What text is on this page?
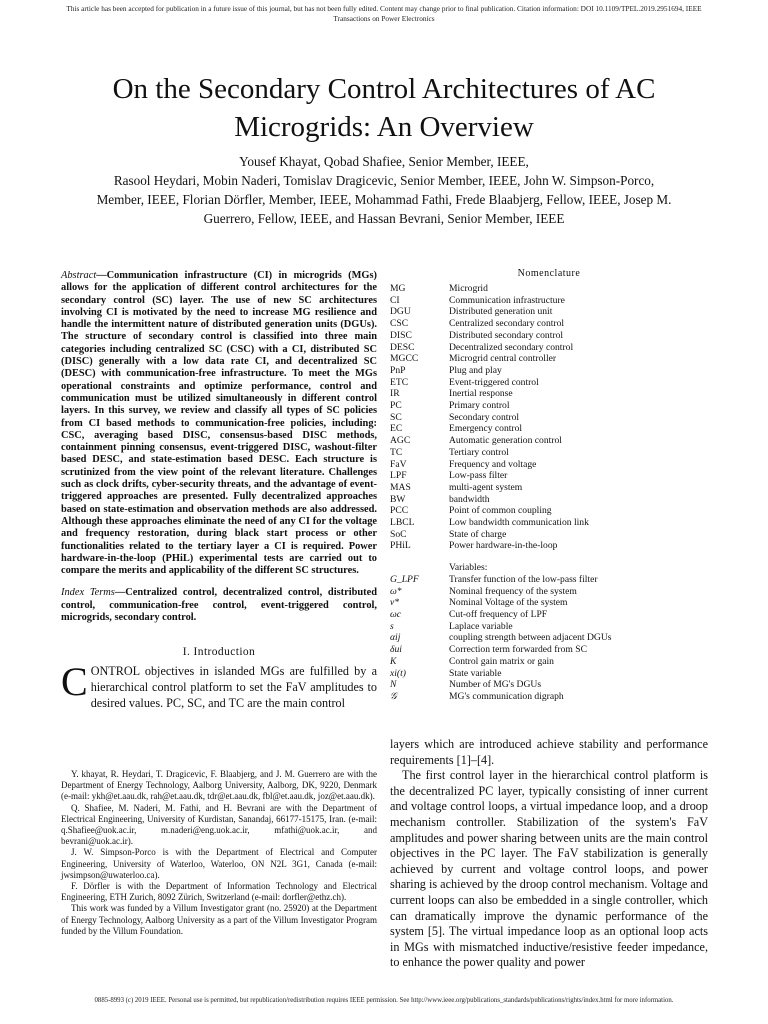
This article has been accepted for publication in a future issue of this journal, but has not been fully edited. Content may change prior to final publication. Citation information: DOI 10.1109/TPEL.2019.2951694, IEEE
Transactions on Power Electronics
On the Secondary Control Architectures of AC
Microgrids: An Overview

Yousef Khayat, Qobad Shafiee, Senior Member, IEEE,

Rasool Heydari, Mobin Naderi, Tomislav Dragicevic, Senior Member, IEEE, John W. Simpson-Porco,

Member, IEEE, Florian Dörfler, Member, IEEE, Mohammad Fathi, Frede Blaabjerg, Fellow, IEEE, Josep M.

Guerrero, Fellow, IEEE, and Hassan Bevrani, Senior Member, IEEE

Abstract—Communication infrastructure (CI) in microgrids (MGs) allows for the application of different control architectures for the secondary control (SC) layer. The use of new SC architectures involving CI is motivated by the need to increase MG resilience and handle the intermittent nature of distributed generation units (DGUs). The structure of secondary control is classified into three main categories including centralized SC (CSC) with a CI, distributed SC (DISC) generally with a low data rate CI, and decentralized SC (DESC) with communication-free infrastructure. To meet the MGs operational constraints and optimize performance, control and communication must be utilized simultaneously in different control layers. In this survey, we review and classify all types of SC policies from CI based methods to communication-free policies, including: CSC, averaging based DISC, consensus-based DISC methods, containment pinning consensus, event-triggered DISC, washout-filter based DESC, and state-estimation based DESC. Each structure is scrutinized from the view point of the relevant literature. Challenges such as clock drifts, cyber-security threats, and the advantage of event-triggered approaches are presented. Fully decentralized approaches based on state-estimation and observation methods are also addressed. Although these approaches eliminate the need of any CI for the voltage and frequency restoration, during black start process or other functionalities related to the tertiary layer a CI is required. Power hardware-in-the-loop (PHiL) experimental tests are carried out to compare the merits and applicability of the different SC structures.

Index Terms—Centralized control, decentralized control, distributed control, communication-free control, event-triggered control, microgrids, secondary control.

I. Introduction

CONTROL objectives in islanded MGs are fulfilled by a hierarchical control platform to set the FaV amplitudes to desired values. PC, SC, and TC are the main control

Y. khayat, R. Heydari, T. Dragicevic, F. Blaabjerg, and J. M. Guerrero are with the Department of Energy Technology, Aalborg University, Aalborg, DK, 9220, Denmark (e-mail: ykh@et.aau.dk, rah@et.aau.dk, tdr@et.aau.dk, fbl@et.aau.dk, joz@et.aau.dk).

Q. Shafiee, M. Naderi, M. Fathi, and H. Bevrani are with the Department of Electrical Engineering, University of Kurdistan, Sanandaj, 66177-15175, Iran. (e-mail: q.Shafiee@uok.ac.ir, m.naderi@eng.uok.ac.ir, mfathi@uok.ac.ir, and bevrani@uok.ac.ir).

J. W. Simpson-Porco is with the Department of Electrical and Computer Engineering, University of Waterloo, Waterloo, ON N2L 3G1, Canada (e-mail: jwsimpson@uwaterloo.ca).

F. Dörfler is with the Department of Information Technology and Electrical Engineering, ETH Zurich, 8092 Zürich, Switzerland (e-mail: dorfler@ethz.ch).

This work was funded by a Villum Investigator grant (no. 25920) at the Department of Energy Technology, Aalborg University as a part of the Villum Investigator Program funded by the Villum Foundation.

Nomenclature
MG	Microgrid
CI	Communication infrastructure
DGU	Distributed generation unit
CSC	Centralized secondary control
DISC	Distributed secondary control
DESC	Decentralized secondary control
MGCC	Microgrid central controller
PnP	Plug and play
ETC	Event-triggered control
IR	Inertial response
PC	Primary control
SC	Secondary control
EC	Emergency control
AGC	Automatic generation control
TC	Tertiary control
FaV	Frequency and voltage
LPF	Low-pass filter
MAS	multi-agent system
BW	bandwidth
PCC	Point of common coupling
LBCL	Low bandwidth communication link
SoC	State of charge
PHiL	Power hardware-in-the-loop
Variables:
G_LPF	Transfer function of the low-pass filter
ω*	Nominal frequency of the system
v*	Nominal Voltage of the system
ωc	Cut-off frequency of LPF
s	Laplace variable
αij	coupling strength between adjacent DGUs
δui	Correction term forwarded from SC
K	Control gain matrix or gain
xi(t)	State variable
N	Number of MG's DGUs
𝒢	MG's communication digraph

layers which are introduced achieve stability and performance requirements [1]–[4].

The first control layer in the hierarchical control platform is the decentralized PC layer, typically consisting of inner current and voltage control loops, a virtual impedance loop, and a droop mechanism controller. Stabilization of the system's FaV amplitudes and power sharing between units are the main control objectives in the PC layer. The FaV stabilization is generally achieved by current and voltage control loops, and power sharing is achieved by the droop control mechanism. Voltage and current loops can also be embedded in a single controller, which can dramatically improve the dynamic performance of the system [5]. The virtual impedance loop as an optional loop acts in MGs with mismatched inductive/resistive feeder impedance, to enhance the power quality and power

0885-8993 (c) 2019 IEEE. Personal use is permitted, but republication/redistribution requires IEEE permission. See http://www.ieee.org/publications_standards/publications/rights/index.html for more information.
